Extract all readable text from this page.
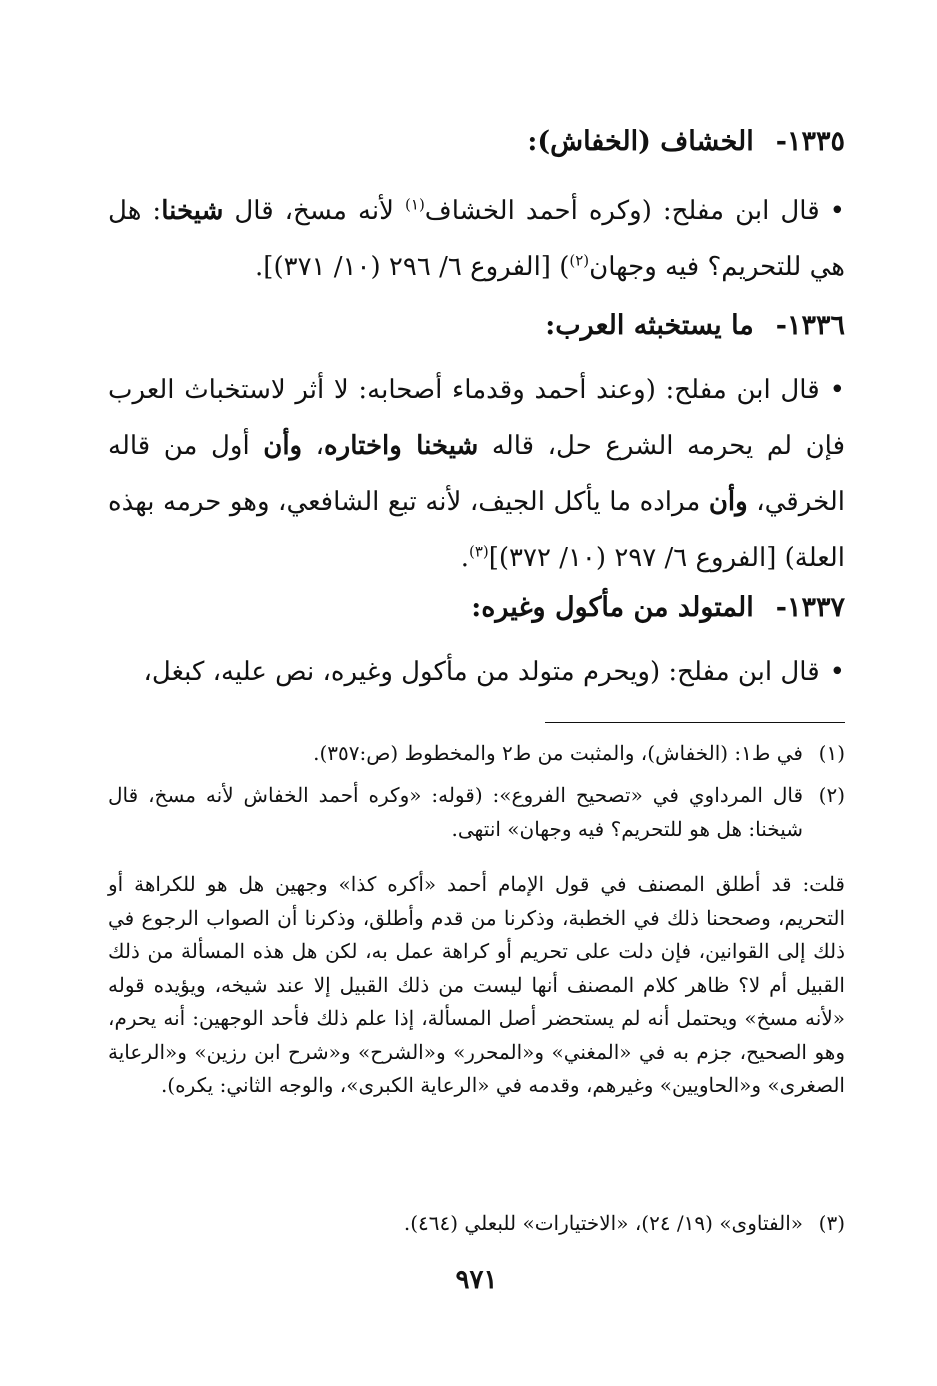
١٣٣٥-الخشاف (الخفاش):
•قال ابن مفلح: (وكره أحمد الخشاف$^{(١)}$ لأنه مسخ، قال شيخنا: هل هي للتحريم؟ فيه وجهان$^{(٢)}$) [الفروع ٦/ ٢٩٦ (١٠/ ٣٧١)].
١٣٣٦-ما يستخبثه العرب:
•قال ابن مفلح: (وعند أحمد وقدماء أصحابه: لا أثر لاستخباث العرب فإن لم يحرمه الشرع حل، قاله شيخنا واختاره، وأن أول من قاله الخرقي، وأن مراده ما يأكل الجيف، لأنه تبع الشافعي، وهو حرمه بهذه العلة) [الفروع ٦/ ٢٩٧ (١٠/ ٣٧٢)]$^{(٣)}$.
١٣٣٧-المتولد من مأكول وغيره:
•قال ابن مفلح: (ويحرم متولد من مأكول وغيره، نص عليه، كبغل،
(١)

في ط١: (الخفاش)، والمثبت من ط٢ والمخطوط (ص:٣٥٧).

(٢)

قال المرداوي في «تصحيح الفروع»: (قوله: «وكره أحمد الخفاش لأنه مسخ، قال شيخنا: هل هو للتحريم؟ فيه وجهان» انتهى.

قلت: قد أطلق المصنف في قول الإمام أحمد «أكره كذا» وجهين هل هو للكراهة أو التحريم، وصححنا ذلك في الخطبة، وذكرنا من قدم وأطلق، وذكرنا أن الصواب الرجوع في ذلك إلى القوانين، فإن دلت على تحريم أو كراهة عمل به، لكن هل هذه المسألة من ذلك القبيل أم لا؟ ظاهر كلام المصنف أنها ليست من ذلك القبيل إلا عند شيخه، ويؤيده قوله «لأنه مسخ» ويحتمل أنه لم يستحضر أصل المسألة، إذا علم ذلك فأحد الوجهين: أنه يحرم، وهو الصحيح، جزم به في «المغني» و«المحرر» و«الشرح» و«شرح ابن رزين» و«الرعاية الصغرى» و«الحاويين» وغيرهم، وقدمه في «الرعاية الكبرى»، والوجه الثاني: يكره).

(٣)

«الفتاوى» (١٩/ ٢٤)، «الاختيارات» للبعلي (٤٦٤).

٩٧١
